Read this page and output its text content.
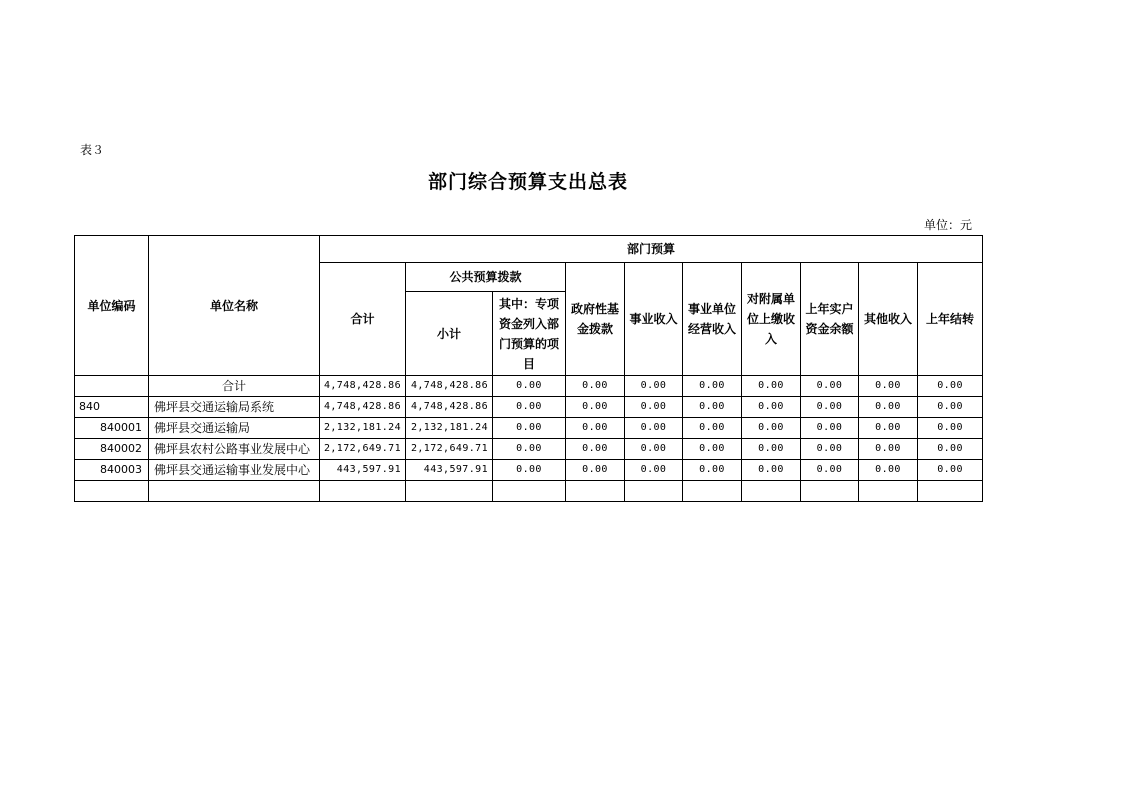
表３
部门综合预算支出总表
单位：元
单位编码	单位名称	部门预算									
		合计	公共预算拨款		政府性基金拨款	事业收入	事业单位经营收入	对附属单位上缴收入	上年实户资金余额	其他收入	上年结转
			小计	其中：专项资金列入部门预算的项目							
	合计	4,748,428.86	4,748,428.86	0.00	0.00	0.00	0.00	0.00	0.00	0.00	0.00
840	佛坪县交通运输局系统	4,748,428.86	4,748,428.86	0.00	0.00	0.00	0.00	0.00	0.00	0.00	0.00
840001	佛坪县交通运输局	2,132,181.24	2,132,181.24	0.00	0.00	0.00	0.00	0.00	0.00	0.00	0.00
840002	佛坪县农村公路事业发展中心	2,172,649.71	2,172,649.71	0.00	0.00	0.00	0.00	0.00	0.00	0.00	0.00
840003	佛坪县交通运输事业发展中心	443,597.91	443,597.91	0.00	0.00	0.00	0.00	0.00	0.00	0.00	0.00
